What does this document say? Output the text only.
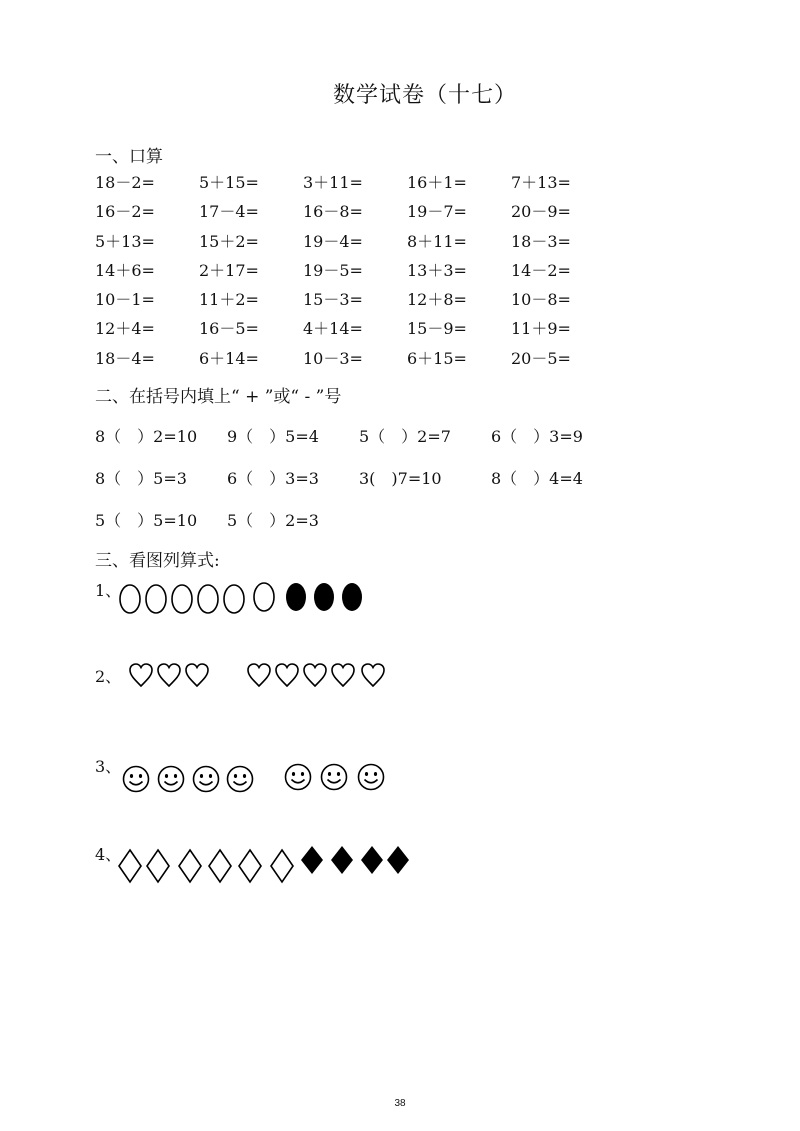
数学试卷（十七）
一、口算
18－2=	5＋15=	3＋11=	16＋1=	7＋13=
16－2=	17－4=	16－8=	19－7=	20－9=
5＋13=	15＋2=	19－4=	8＋11=	18－3=
14＋6=	2＋17=	19－5=	13＋3=	14－2=
10－1=	11＋2=	15－3=	12＋8=	10－8=
12＋4=	16－5=	4＋14=	15－9=	11＋9=
18－4=	6＋14=	10－3=	6＋15=	20－5=
二、在括号内填上“ + ”或“ - ”号
8（　）2=10	9（　）5=4	5（　）2=7	6（　）3=9
8（　）5=3	6（　）3=3	3(　)7=10	8（　）4=4
5（　）5=10	5（　）2=3
三、看图列算式:
1、
2、
3、
4、
38
